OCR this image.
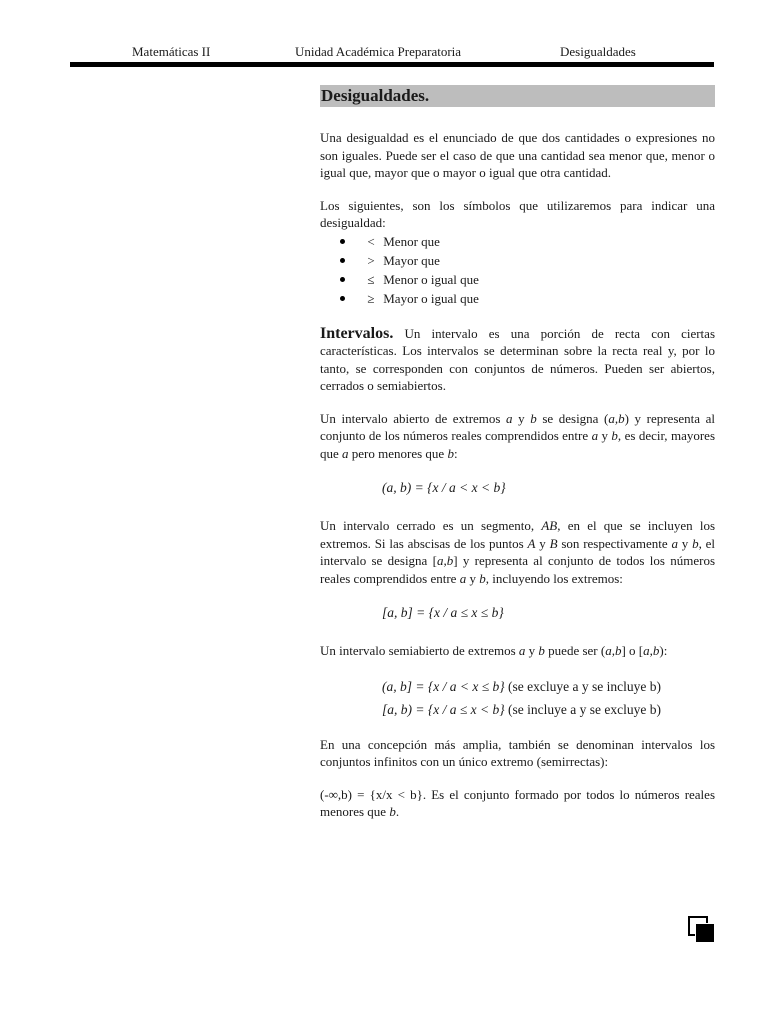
Matemáticas II	Unidad Académica Preparatoria	Desigualdades
Desigualdades.

Una desigualdad es el enunciado de que dos cantidades o expresiones no son iguales. Puede ser el caso de que una cantidad sea menor que, menor o igual que, mayor que o mayor o igual que otra cantidad.

Los siguientes, son los símbolos que utilizaremos para indicar una desigualdad:

< Menor que
> Mayor que
≤ Menor o igual que
≥ Mayor o igual que

Intervalos. Un intervalo es una porción de recta con ciertas características. Los intervalos se determinan sobre la recta real y, por lo tanto, se corresponden con conjuntos de números. Pueden ser abiertos, cerrados o semiabiertos.

Un intervalo abierto de extremos a y b se designa (a,b) y representa al conjunto de los números reales comprendidos entre a y b, es decir, mayores que a pero menores que b:

(a, b) = {x / a < x < b}

Un intervalo cerrado es un segmento, AB, en el que se incluyen los extremos. Si las abscisas de los puntos A y B son respectivamente a y b, el intervalo se designa [a,b] y representa al conjunto de todos los números reales comprendidos entre a y b, incluyendo los extremos:

[a, b] = {x / a ≤ x ≤ b}

Un intervalo semiabierto de extremos a y b puede ser (a,b] o [a,b):

(a, b] = {x / a < x ≤ b} (se excluye a y se incluye b)
[a, b) = {x / a ≤ x < b} (se incluye a y se excluye b)

En una concepción más amplia, también se denominan intervalos los conjuntos infinitos con un único extremo (semirrectas):

(-∞,b) = {x/x < b}. Es el conjunto formado por todos lo números reales menores que b.
